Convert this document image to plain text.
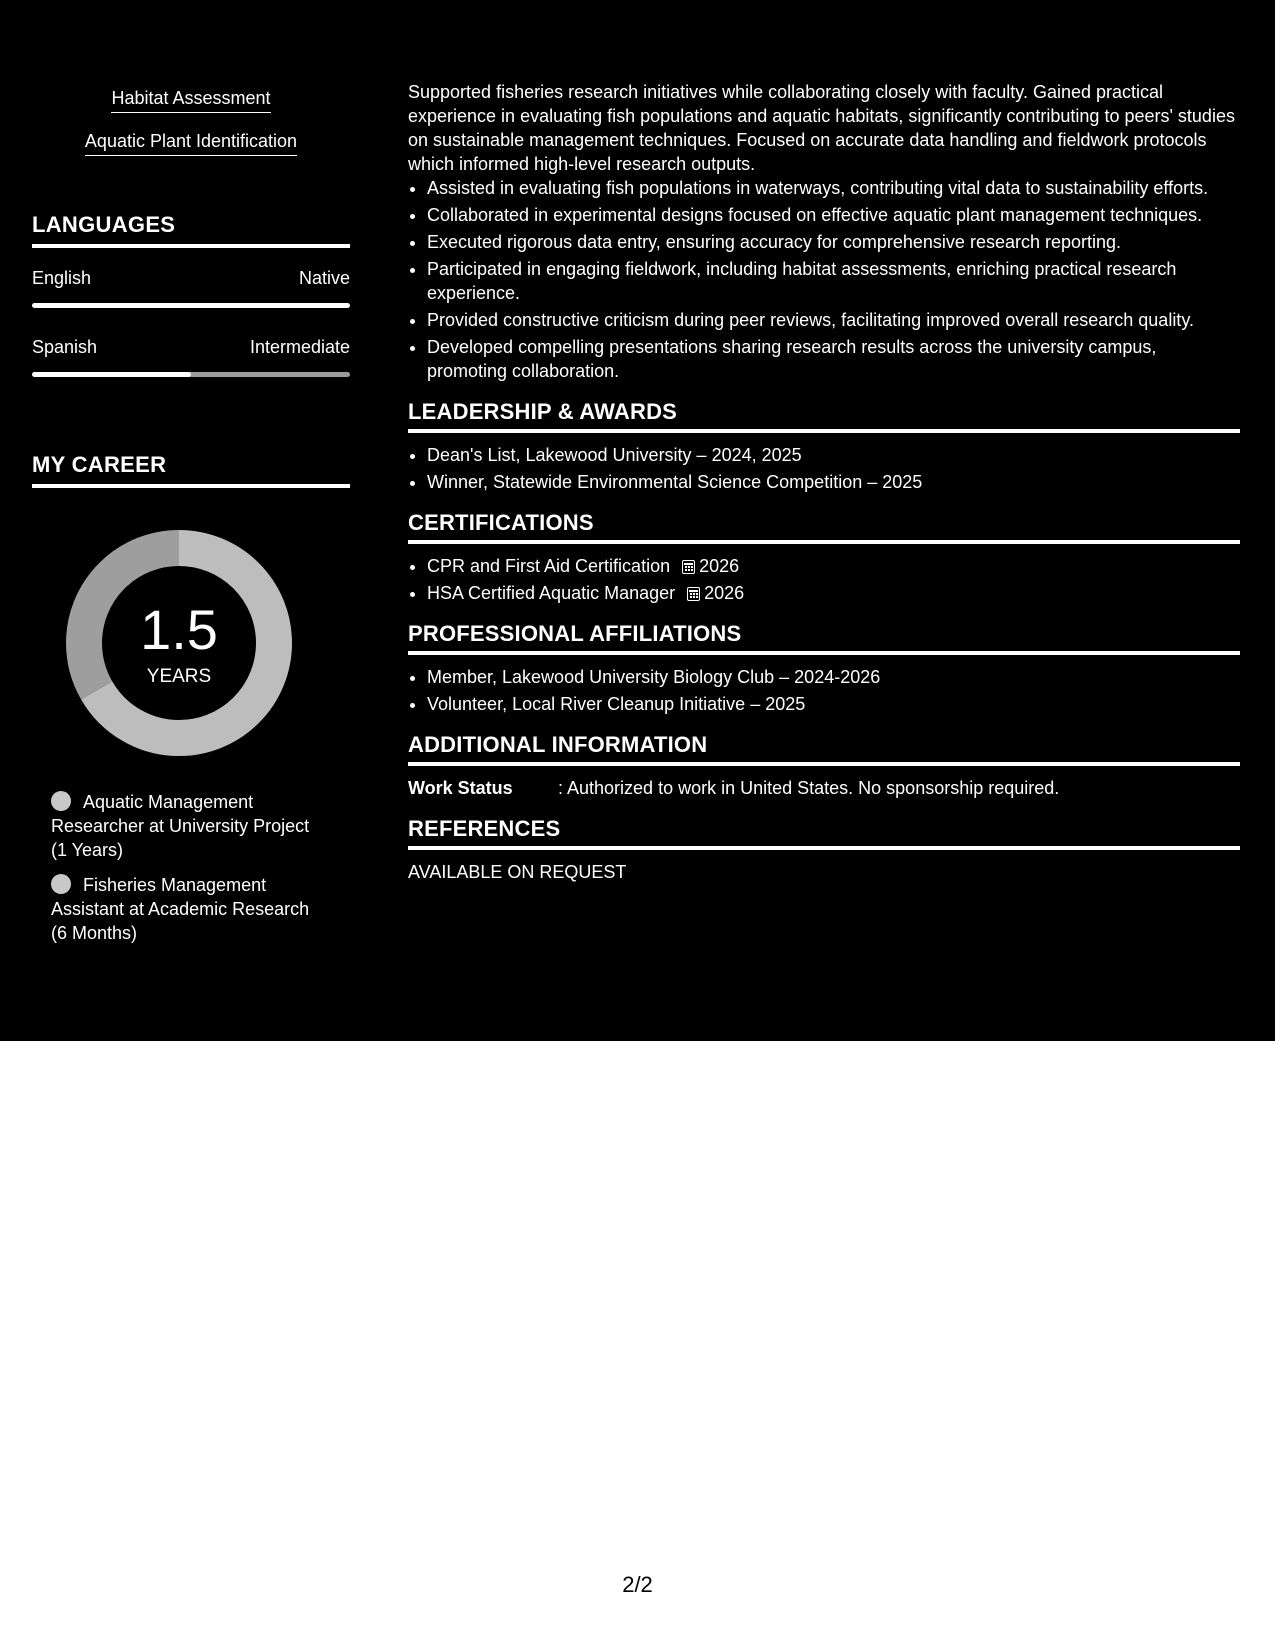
Habitat Assessment
Aquatic Plant Identification
LANGUAGES
English	Native
Spanish	Intermediate
MY CAREER
1.5
YEARS
Aquatic Management
Researcher at University Project
(1 Years)
Fisheries Management
Assistant at Academic Research
(6 Months)

Supported fisheries research initiatives while collaborating closely with faculty. Gained practical experience in evaluating fish populations and aquatic habitats, significantly contributing to peers' studies on sustainable management techniques. Focused on accurate data handling and fieldwork protocols which informed high-level research outputs.

• Assisted in evaluating fish populations in waterways, contributing vital data to sustainability efforts.
• Collaborated in experimental designs focused on effective aquatic plant management techniques.
• Executed rigorous data entry, ensuring accuracy for comprehensive research reporting.
• Participated in engaging fieldwork, including habitat assessments, enriching practical research experience.
• Provided constructive criticism during peer reviews, facilitating improved overall research quality.
• Developed compelling presentations sharing research results across the university campus, promoting collaboration.
LEADERSHIP & AWARDS
• Dean's List, Lakewood University – 2024, 2025
• Winner, Statewide Environmental Science Competition – 2025
CERTIFICATIONS
• CPR and First Aid Certification 2026
• HSA Certified Aquatic Manager 2026
PROFESSIONAL AFFILIATIONS
• Member, Lakewood University Biology Club – 2024-2026
• Volunteer, Local River Cleanup Initiative – 2025
ADDITIONAL INFORMATION
Work Status	: Authorized to work in United States. No sponsorship required.
REFERENCES
AVAILABLE ON REQUEST
2/2
